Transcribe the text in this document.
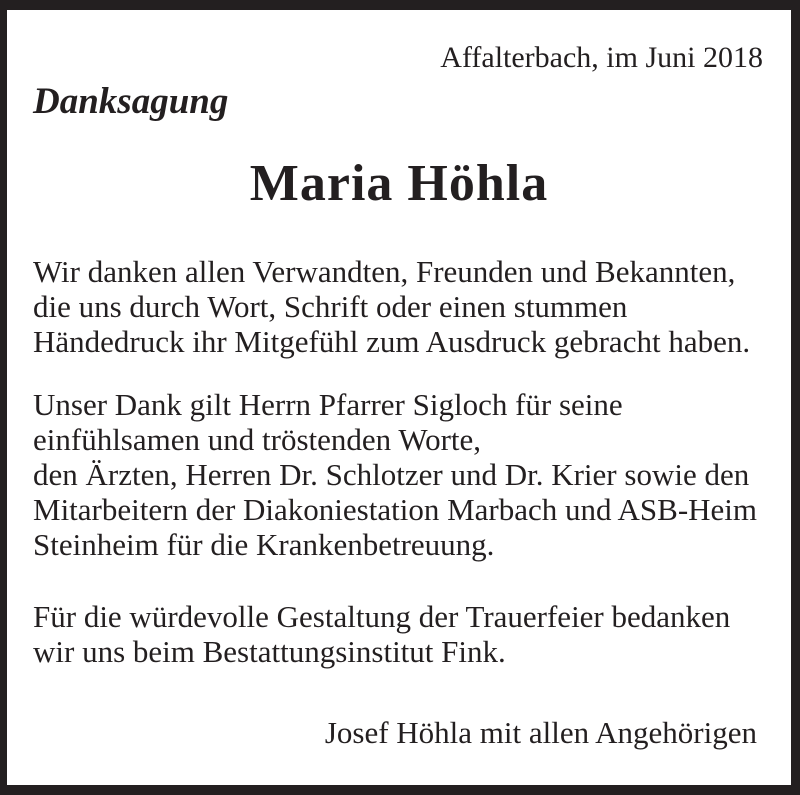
Affalterbach, im Juni 2018
Danksagung
Maria Höhla
Wir danken allen Verwandten, Freunden und Bekannten,
die uns durch Wort, Schrift oder einen stummen
Händedruck ihr Mitgefühl zum Ausdruck gebracht haben.
Unser Dank gilt Herrn Pfarrer Sigloch für seine
einfühlsamen und tröstenden Worte,
den Ärzten, Herren Dr. Schlotzer und Dr. Krier sowie den
Mitarbeitern der Diakoniestation Marbach und ASB-Heim
Steinheim für die Krankenbetreuung.
Für die würdevolle Gestaltung der Trauerfeier bedanken
wir uns beim Bestattungsinstitut Fink.
Josef Höhla mit allen Angehörigen
